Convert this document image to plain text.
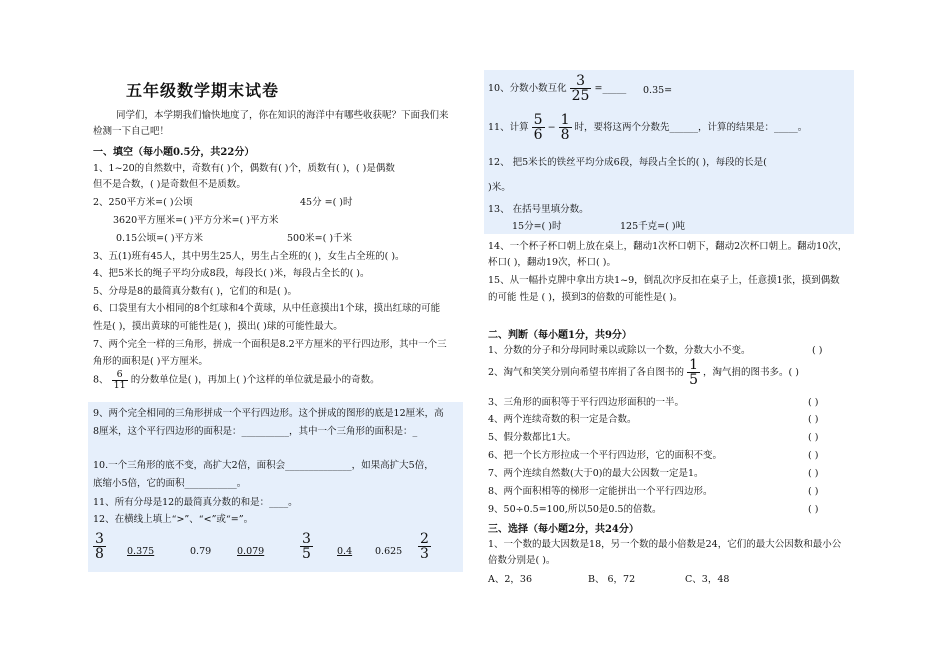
五年级数学期末试卷
同学们，本学期我们愉快地度了，你在知识的海洋中有哪些收获呢？下面我们来
检测一下自己吧！
一、填空（每小题0.5分，共22分）
1、1~20的自然数中，奇数有( )个，偶数有( )个，质数有( )，( )是偶数
但不是合数，( )是奇数但不是质数。
2、250平方米=( )公顷	45分 =( )时
3620平方厘米=( )平方分米=( )平方米
0.15公顷=( )平方米	500米=( )千米
3、五(1)班有45人，其中男生25人，男生占全班的( )，女生占全班的( )。
4、把5米长的绳子平均分成8段，每段长( )米，每段占全长的( )。
5、分母是8的最简真分数有( )，它们的和是( )。
6、口袋里有大小相同的8个红球和4个黄球，从中任意摸出1个球，摸出红球的可能
性是( )，摸出黄球的可能性是( )，摸出( )球的可能性最大。
7、两个完全一样的三角形，拼成一个面积是8.2平方厘米的平行四边形，其中一个三
角形的面积是( )平方厘米。
8、 $\frac{6}{11}$ 的分数单位是( )，再加上( )个这样的单位就是最小的奇数。
9、两个完全相同的三角形拼成一个平行四边形。这个拼成的图形的底是12厘米，高
8厘米，这个平行四边形的面积是：__________，其中一个三角形的面积是：_
10.一个三角形的底不变，高扩大2倍，面积会______________，如果高扩大5倍，
底缩小5倍，它的面积___________。
11、所有分母是12的最简真分数的和是：____。
12、在横线上填上“>”、“<”或“=”。
$\frac{3}{8} 0.375$	0.79	0.079	$\frac{3}{5}$	0.4 $0.625 \frac{2}{3}$
10、分数小数互化 $\frac{3}{25}$ =_____ 0.35=
11、计算 $\frac{5}{6} - \frac{1}{8}$ 时，要将这两个分数先______，计算的结果是：_____。
12、 把5米长的铁丝平均分成6段，每段占全长的( )，每段的长是(
)米。
13、 在括号里填分数。
15分=( )时	125千克=( )吨
14、一个杯子杯口朝上放在桌上，翻动1次杯口朝下，翻动2次杯口朝上。翻动10次，
杯口( )，翻动19次，杯口( )。
15、从一幅扑克牌中拿出方块1~9，倒乱次序反扣在桌子上，任意摸1张，摸到偶数
的可能 性是 ( )，摸到3的倍数的可能性是( )。
二、判断（每小题1分，共9分）
1、分数的分子和分母同时乘以或除以一个数，分数大小不变。	( )
2、淘气和笑笑分别向希望书库捐了各自图书的 $\frac{1}{5}$ ，淘气捐的图书多。( )
3、三角形的面积等于平行四边形面积的一半。	( )
4、两个连续奇数的积一定是合数。	( )
5、假分数都比1大。	( )
6、把一个长方形拉成一个平行四边形，它的面积不变。	( )
7、两个连续自然数(大于0)的最大公因数一定是1。	( )
8、两个面积相等的梯形一定能拼出一个平行四边形。	( )
9、50÷0.5=100,所以50是0.5的倍数。	( )
三、选择（每小题2分，共24分）
1、一个数的最大因数是18，另一个数的最小倍数是24，它们的最大公因数和最小公
倍数分别是( )。
A、2，36	B、 6，72	C、3，48
